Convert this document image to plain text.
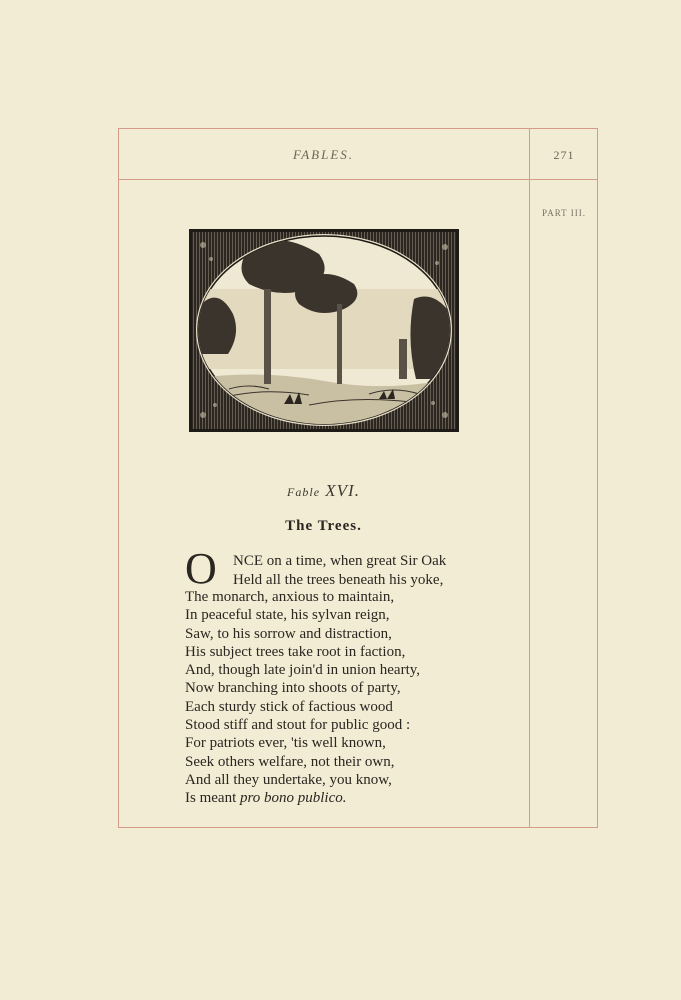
FABLES.	271
PART III.
Fable XVI.
The Trees.
O	NCE on a time, when great Sir Oak
Held all the trees beneath his yoke,
The monarch, anxious to maintain,
In peaceful state, his sylvan reign,
Saw, to his sorrow and distraction,
His subject trees take root in faction,
And, though late join'd in union hearty,
Now branching into shoots of party,
Each sturdy stick of factious wood
Stood stiff and stout for public good :
For patriots ever, 'tis well known,
Seek others welfare, not their own,
And all they undertake, you know,
Is meant pro bono publico.
